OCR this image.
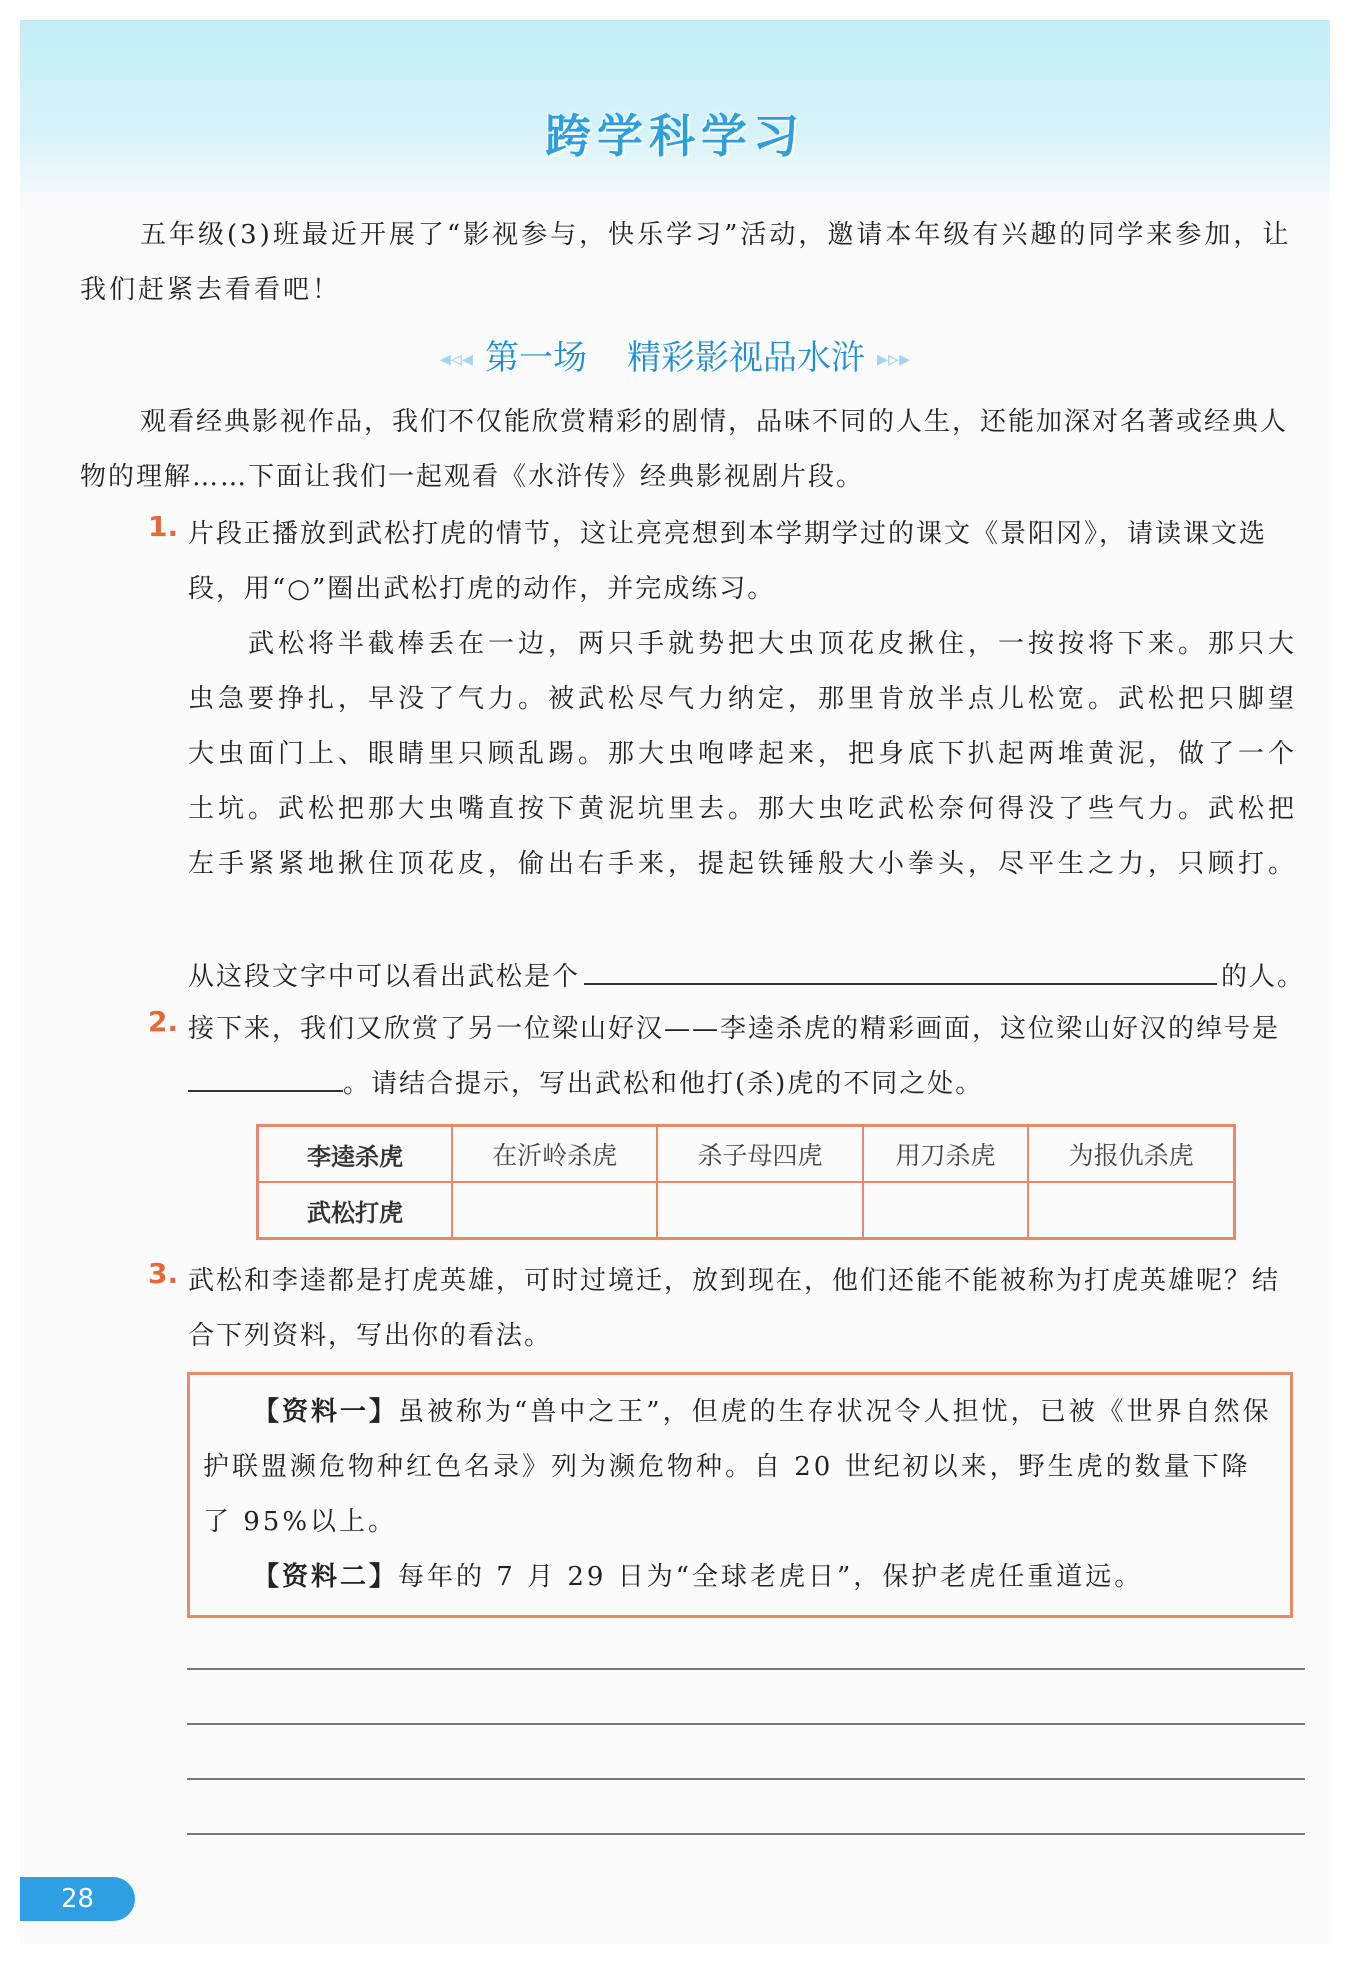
跨学科学习

五年级(3)班最近开展了“影视参与，快乐学习”活动，邀请本年级有兴趣的同学来参加，让我们赶紧去看看吧！

◂◃◂ 第一场 精彩影视品水浒 ▸▹▸

观看经典影视作品，我们不仅能欣赏精彩的剧情，品味不同的人生，还能加深对名著或经典人物的理解……下面让我们一起观看《水浒传》经典影视剧片段。

1. 片段正播放到武松打虎的情节，这让亮亮想到本学期学过的课文《景阳冈》，请读课文选段，用“○”圈出武松打虎的动作，并完成练习。

武松将半截棒丢在一边，两只手就势把大虫顶花皮揪住，一按按将下来。那只大虫急要挣扎，早没了气力。被武松尽气力纳定，那里肯放半点儿松宽。武松把只脚望大虫面门上、眼睛里只顾乱踢。那大虫咆哮起来，把身底下扒起两堆黄泥，做了一个土坑。武松把那大虫嘴直按下黄泥坑里去。那大虫吃武松奈何得没了些气力。武松把左手紧紧地揪住顶花皮，偷出右手来，提起铁锤般大小拳头，尽平生之力，只顾打。

从这段文字中可以看出武松是个	的人。
2. 接下来，我们又欣赏了另一位梁山好汉——李逵杀虎的精彩画面，这位梁山好汉的绰号是。请结合提示，写出武松和他打(杀)虎的不同之处。

李逵杀虎	在沂岭杀虎	杀子母四虎	用刀杀虎	为报仇杀虎
武松打虎				
3. 武松和李逵都是打虎英雄，可时过境迁，放到现在，他们还能不能被称为打虎英雄呢？结合下列资料，写出你的看法。

【资料一】虽被称为“兽中之王”，但虎的生存状况令人担忧，已被《世界自然保护联盟濒危物种红色名录》列为濒危物种。自 20 世纪初以来，野生虎的数量下降了 95%以上。

【资料二】每年的 7 月 29 日为“全球老虎日”，保护老虎任重道远。

28
